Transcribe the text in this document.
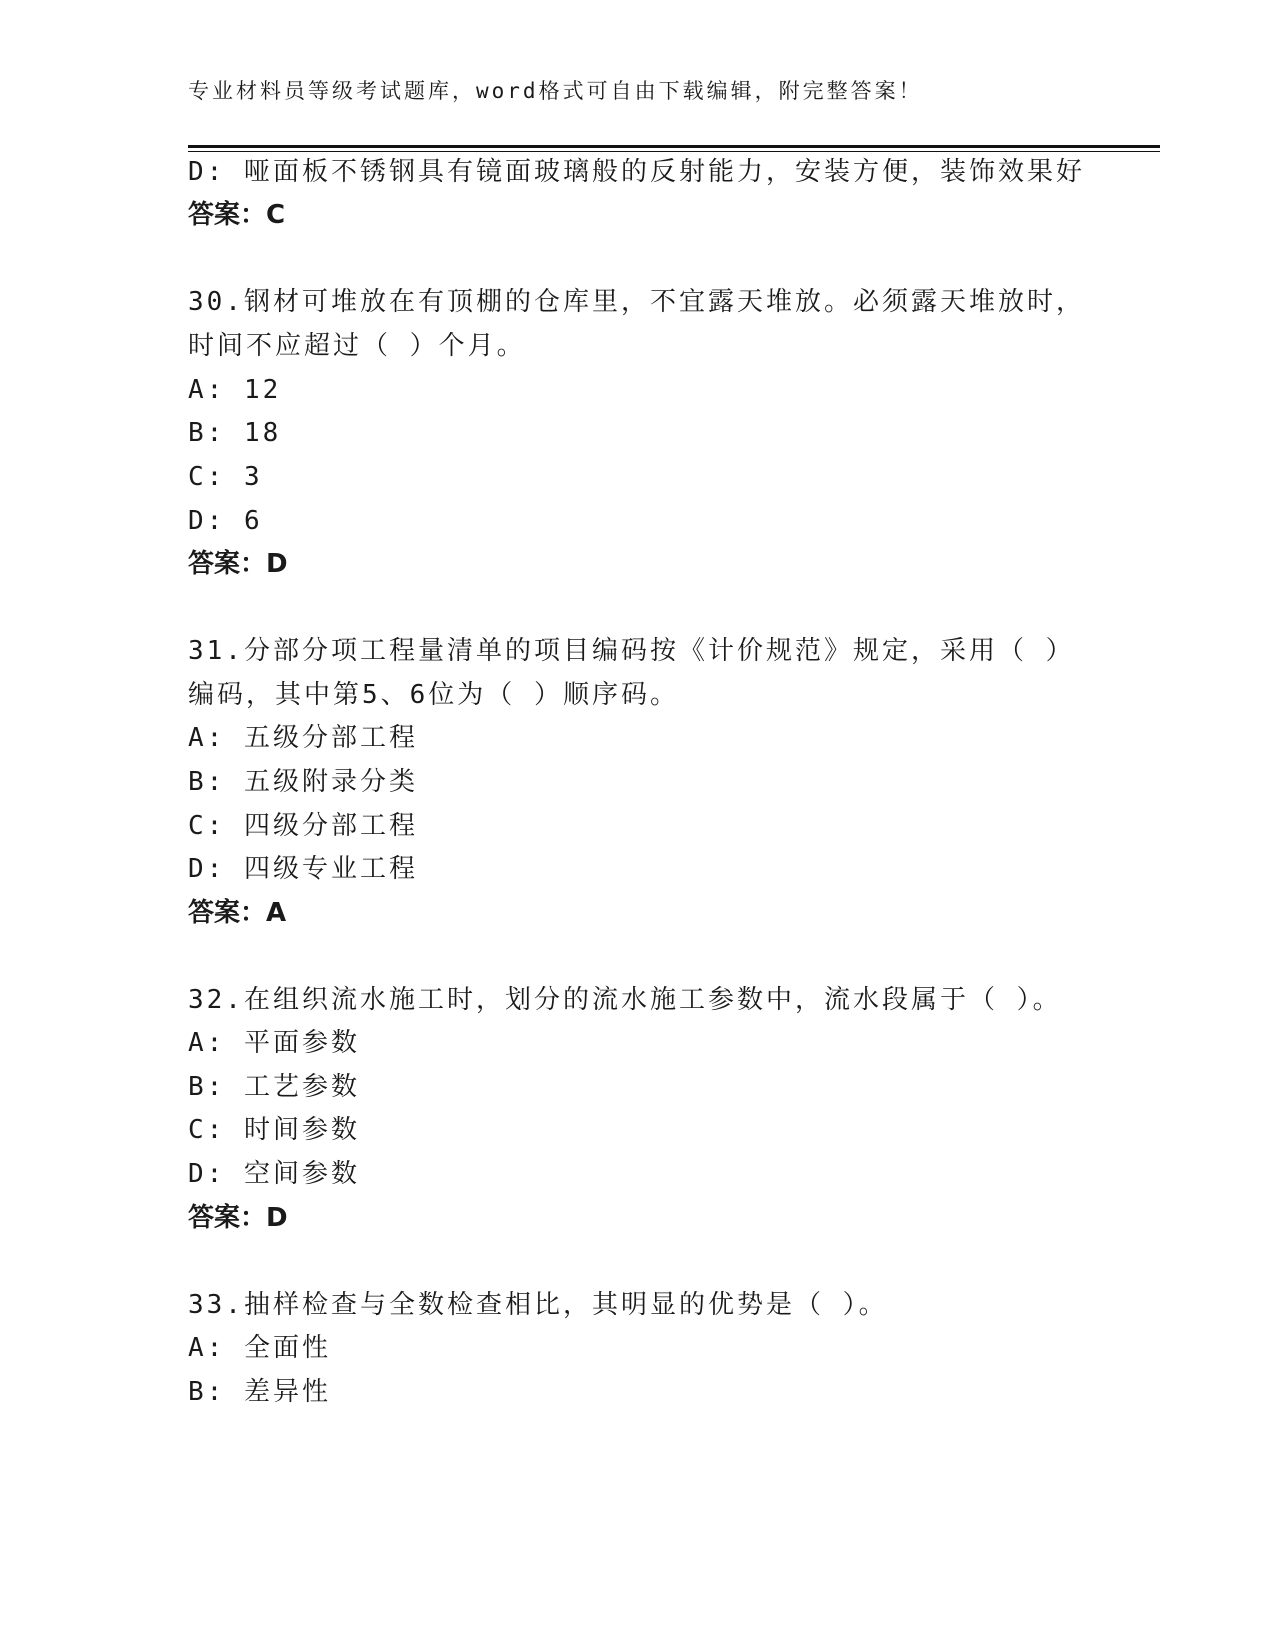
专业材料员等级考试题库，word格式可自由下载编辑，附完整答案！
D: 哑面板不锈钢具有镜面玻璃般的反射能力，安装方便，装饰效果好
答案：C
30.钢材可堆放在有顶棚的仓库里，不宜露天堆放。必须露天堆放时，
时间不应超过（ ）个月。
A: 12
B: 18
C: 3
D: 6
答案：D
31.分部分项工程量清单的项目编码按《计价规范》规定，采用（ ）
编码，其中第5、6位为（ ）顺序码。
A: 五级分部工程
B: 五级附录分类
C: 四级分部工程
D: 四级专业工程
答案：A
32.在组织流水施工时，划分的流水施工参数中，流水段属于（ ）。
A: 平面参数
B: 工艺参数
C: 时间参数
D: 空间参数
答案：D
33.抽样检查与全数检查相比，其明显的优势是（ ）。
A: 全面性
B: 差异性
